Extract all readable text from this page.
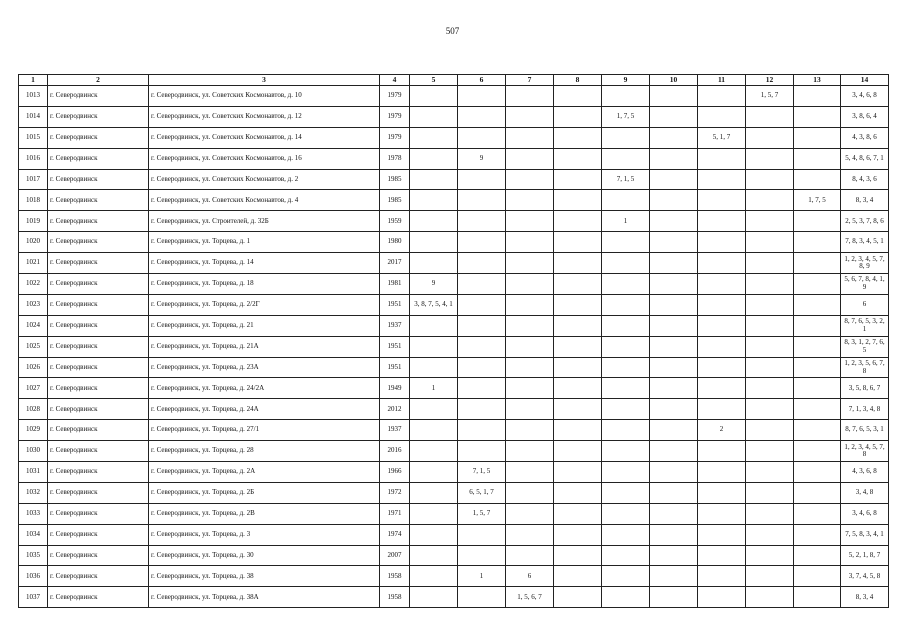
507
1	2	3	4	5	6	7	8	9	10	11	12	13	14
1013	г. Северодвинск	г. Северодвинск, ул. Советских Космонавтов, д. 10	1979								1, 5, 7		3, 4, 6, 8
1014	г. Северодвинск	г. Северодвинск, ул. Советских Космонавтов, д. 12	1979					1, 7, 5					3, 8, 6, 4
1015	г. Северодвинск	г. Северодвинск, ул. Советских Космонавтов, д. 14	1979							5, 1, 7			4, 3, 8, 6
1016	г. Северодвинск	г. Северодвинск, ул. Советских Космонавтов, д. 16	1978		9								5, 4, 8, 6, 7, 1
1017	г. Северодвинск	г. Северодвинск, ул. Советских Космонавтов, д. 2	1985					7, 1, 5					8, 4, 3, 6
1018	г. Северодвинск	г. Северодвинск, ул. Советских Космонавтов, д. 4	1985									1, 7, 5	8, 3, 4
1019	г. Северодвинск	г. Северодвинск, ул. Строителей, д. 32Б	1959					1					2, 5, 3, 7, 8, 6
1020	г. Северодвинск	г. Северодвинск, ул. Торцева, д. 1	1980										7, 8, 3, 4, 5, 1
1021	г. Северодвинск	г. Северодвинск, ул. Торцева, д. 14	2017										1, 2, 3, 4, 5, 7, 8, 9
1022	г. Северодвинск	г. Северодвинск, ул. Торцева, д. 18	1981	9									5, 6, 7, 8, 4, 1, 9
1023	г. Северодвинск	г. Северодвинск, ул. Торцева, д. 2/2Г	1951	3, 8, 7, 5, 4, 1									6
1024	г. Северодвинск	г. Северодвинск, ул. Торцева, д. 21	1937										8, 7, 6, 5, 3, 2, 1
1025	г. Северодвинск	г. Северодвинск, ул. Торцева, д. 21А	1951										8, 3, 1, 2, 7, 6, 5
1026	г. Северодвинск	г. Северодвинск, ул. Торцева, д. 23А	1951										1, 2, 3, 5, 6, 7, 8
1027	г. Северодвинск	г. Северодвинск, ул. Торцева, д. 24/2А	1949	1									3, 5, 8, 6, 7
1028	г. Северодвинск	г. Северодвинск, ул. Торцева, д. 24А	2012										7, 1, 3, 4, 8
1029	г. Северодвинск	г. Северодвинск, ул. Торцева, д. 27/1	1937							2			8, 7, 6, 5, 3, 1
1030	г. Северодвинск	г. Северодвинск, ул. Торцева, д. 28	2016										1, 2, 3, 4, 5, 7, 8
1031	г. Северодвинск	г. Северодвинск, ул. Торцева, д. 2А	1966		7, 1, 5								4, 3, 6, 8
1032	г. Северодвинск	г. Северодвинск, ул. Торцева, д. 2Б	1972		6, 5, 1, 7								3, 4, 8
1033	г. Северодвинск	г. Северодвинск, ул. Торцева, д. 2В	1971		1, 5, 7								3, 4, 6, 8
1034	г. Северодвинск	г. Северодвинск, ул. Торцева, д. 3	1974										7, 5, 8, 3, 4, 1
1035	г. Северодвинск	г. Северодвинск, ул. Торцева, д. 30	2007										5, 2, 1, 8, 7
1036	г. Северодвинск	г. Северодвинск, ул. Торцева, д. 38	1958		1	6							3, 7, 4, 5, 8
1037	г. Северодвинск	г. Северодвинск, ул. Торцева, д. 38А	1958			1, 5, 6, 7							8, 3, 4
